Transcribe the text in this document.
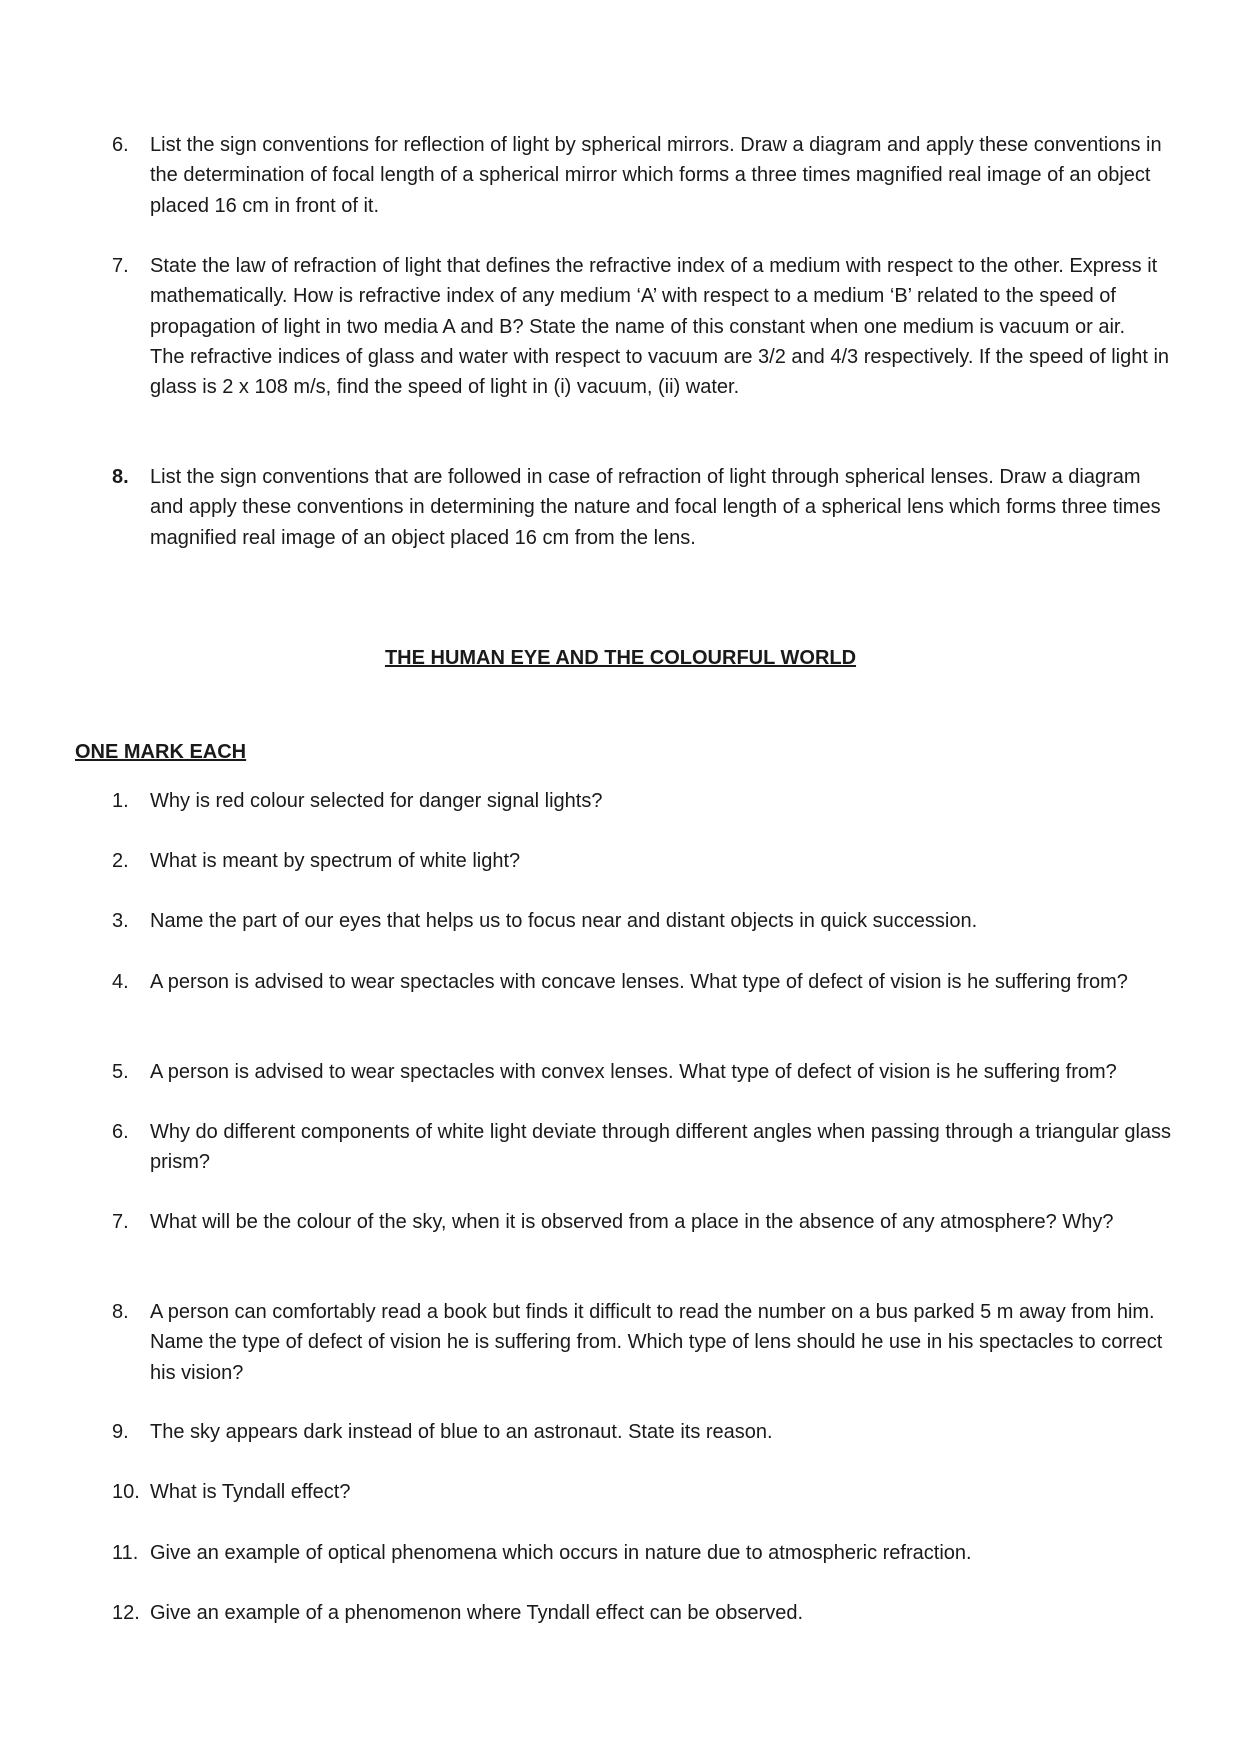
6.	List the sign conventions for reflection of light by spherical mirrors. Draw a diagram and apply these conventions in the determination of focal length of a spherical mirror which forms a three times magnified real image of an object placed 16 cm in front of it.

7.	State the law of refraction of light that defines the refractive index of a medium with respect to the other. Express it mathematically. How is refractive index of any medium ‘A’ with respect to a medium ‘B’ related to the speed of propagation of light in two media A and B? State the name of this constant when one medium is vacuum or air.

The refractive indices of glass and water with respect to vacuum are 3/2 and 4/3 respectively. If the speed of light in glass is 2 x 108 m/s, find the speed of light in (i) vacuum, (ii) water.

8.	List the sign conventions that are followed in case of refraction of light through spherical lenses. Draw a diagram and apply these conventions in determining the nature and focal length of a spherical lens which forms three times magnified real image of an object placed 16 cm from the lens.

THE HUMAN EYE AND THE COLOURFUL WORLD
ONE MARK EACH
1.	Why is red colour selected for danger signal lights?
2.	What is meant by spectrum of white light?
3.	Name the part of our eyes that helps us to focus near and distant objects in quick succession.
4.	A person is advised to wear spectacles with concave lenses. What type of defect of vision is he suffering from?
5.	A person is advised to wear spectacles with convex lenses. What type of defect of vision is he suffering from?
6.	Why do different components of white light deviate through different angles when passing through a triangular glass prism?
7.	What will be the colour of the sky, when it is observed from a place in the absence of any atmosphere? Why?
8.	A person can comfortably read a book but finds it difficult to read the number on a bus parked 5 m away from him. Name the type of defect of vision he is suffering from. Which type of lens should he use in his spectacles to correct his vision?
9.	The sky appears dark instead of blue to an astronaut. State its reason.
10. What is Tyndall effect?
11. Give an example of optical phenomena which occurs in nature due to atmospheric refraction.
12. Give an example of a phenomenon where Tyndall effect can be observed.
